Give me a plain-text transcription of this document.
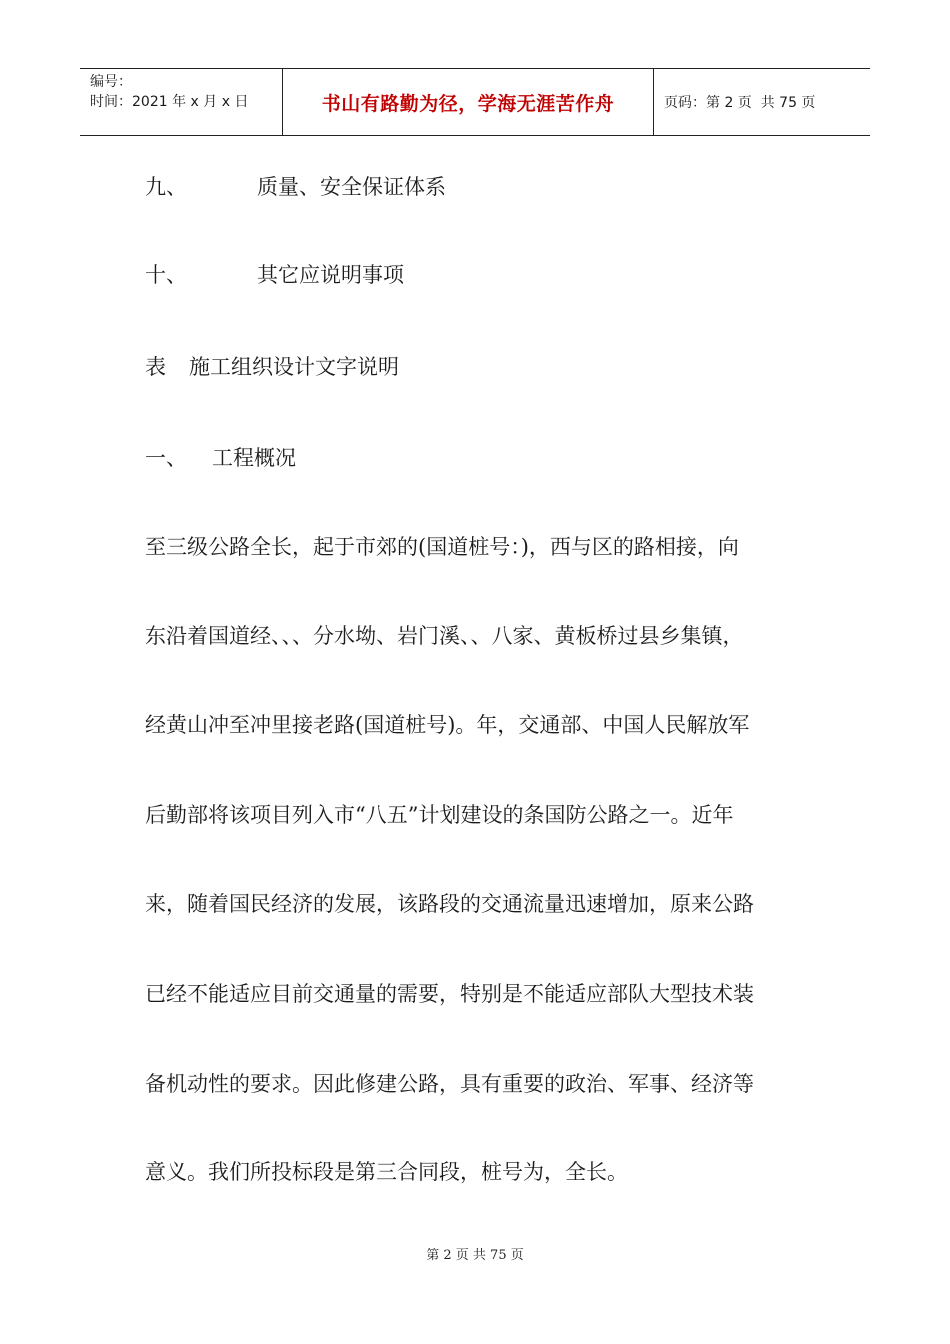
编号：
时间：2021 年 x 月 x 日	书山有路勤为径，学海无涯苦作舟	页码：第 2 页  共 75 页
九、	质量、安全保证体系
十、	其它应说明事项
表 施工组织设计文字说明
一、 工程概况
至三级公路全长，起于市郊的(国道桩号：)，西与区的路相接，向
东沿着国道经、、、分水坳、岩门溪、、八家、黄板桥过县乡集镇，
经黄山冲至冲里接老路(国道桩号)。年，交通部、中国人民解放军
后勤部将该项目列入市“八五”计划建设的条国防公路之一。近年
来，随着国民经济的发展，该路段的交通流量迅速增加，原来公路
已经不能适应目前交通量的需要，特别是不能适应部队大型技术装
备机动性的要求。因此修建公路，具有重要的政治、军事、经济等
意义。我们所投标段是第三合同段，桩号为，全长。
第 2 页 共 75 页
